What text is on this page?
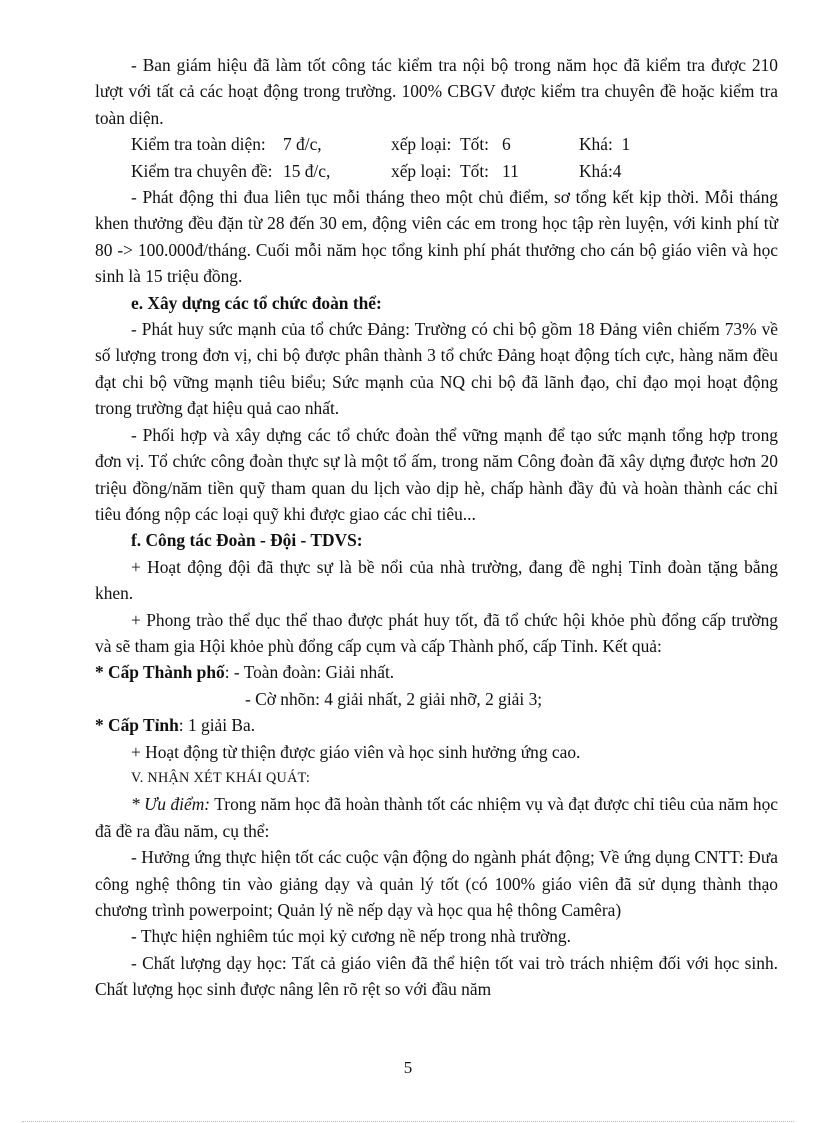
- Ban giám hiệu đã làm tốt công tác kiểm tra nội bộ trong năm học đã kiểm tra được 210 lượt với tất cả các hoạt động trong trường. 100% CBGV được kiểm tra chuyên đề hoặc kiểm tra toàn diện.

Kiểm tra toàn diện: 7 đ/c,	xếp loại: Tốt:   6	Khá:  1
Kiểm tra chuyên đề: 15 đ/c,	xếp loại: Tốt:   11	Khá:4

- Phát động thi đua liên tục mỗi tháng theo một chủ điểm, sơ tổng kết kịp thời. Mỗi tháng khen thưởng đều đặn từ 28 đến 30 em, động viên các em trong học tập rèn luyện, với kinh phí từ 80 -> 100.000đ/tháng. Cuối mỗi năm học tổng kinh phí phát thưởng cho cán bộ giáo viên và học sinh là 15 triệu đồng.

e. Xây dựng các tổ chức đoàn thể:

- Phát huy sức mạnh của tổ chức Đảng: Trường có chi bộ gồm 18 Đảng viên chiếm 73% về số lượng trong đơn vị, chi bộ được phân thành 3 tổ chức Đảng hoạt động tích cực, hàng năm đều đạt chi bộ vững mạnh tiêu biểu; Sức mạnh của NQ chi bộ đã lãnh đạo, chỉ đạo mọi hoạt động trong trường đạt hiệu quả cao nhất.

- Phối hợp và xây dựng các tổ chức đoàn thể vững mạnh để tạo sức mạnh tổng hợp trong đơn vị. Tổ chức công đoàn thực sự là một tổ ấm, trong năm Công đoàn đã xây dựng được hơn 20 triệu đồng/năm tiền quỹ tham quan du lịch vào dịp hè, chấp hành đầy đủ và hoàn thành các chỉ tiêu đóng nộp các loại quỹ khi được giao các chỉ tiêu...

f. Công tác Đoàn - Đội - TDVS:

+ Hoạt động đội đã thực sự là bề nổi của nhà trường, đang đề nghị Tỉnh đoàn tặng bằng khen.

+ Phong trào thể dục thể thao được phát huy tốt, đã tổ chức hội khỏe phù đổng cấp trường và sẽ tham gia Hội khỏe phù đổng cấp cụm và cấp Thành phố, cấp Tỉnh. Kết quả:

* Cấp Thành phố: - Toàn đoàn: Giải nhất.

- Cờ nhõn: 4 giải nhất, 2 giải nhỡ, 2 giải 3;

* Cấp Tỉnh: 1 giải Ba.

+ Hoạt động từ thiện được giáo viên và học sinh hưởng ứng cao.

V. NHẬN XÉT KHÁI QUÁT:

* Ưu điểm: Trong năm học đã hoàn thành tốt các nhiệm vụ và đạt được chỉ tiêu của năm học đã đề ra đầu năm, cụ thể:

- Hưởng ứng thực hiện tốt các cuộc vận động do ngành phát động; Về ứng dụng CNTT: Đưa công nghệ thông tin vào giảng dạy và quản lý tốt (có 100% giáo viên đã sử dụng thành thạo chương trình powerpoint; Quản lý nề nếp dạy và học qua hệ thông Camêra)

- Thực hiện nghiêm túc mọi kỷ cương nề nếp trong nhà trường.

- Chất lượng dạy học: Tất cả giáo viên đã thể hiện tốt vai trò trách nhiệm đối với học sinh. Chất lượng học sinh được nâng lên rõ rệt so với đầu năm

5
